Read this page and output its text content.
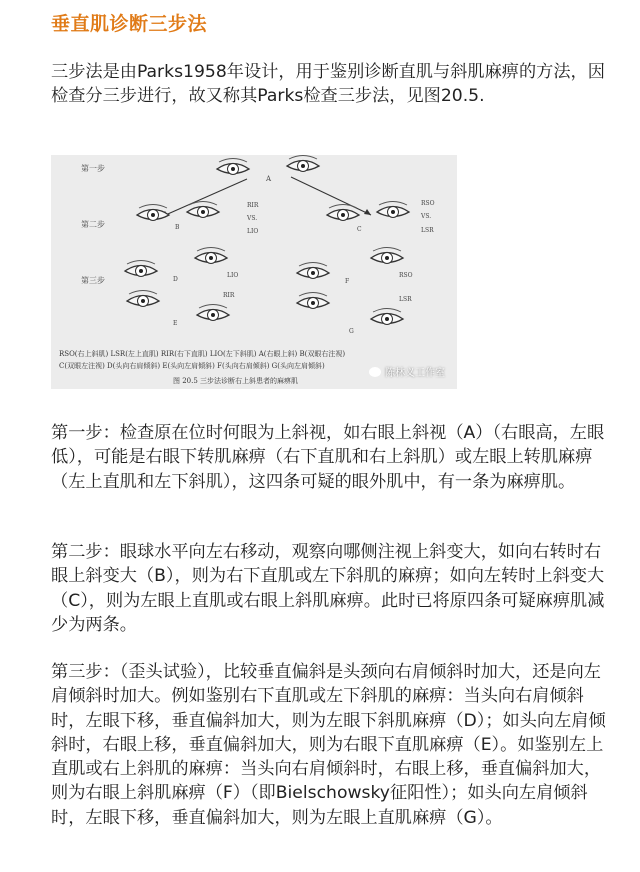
垂直肌诊断三步法

三步法是由Parks1958年设计，用于鉴别诊断直肌与斜肌麻痹的方法，因检查分三步进行，故又称其Parks检查三步法，见图20.5.

第一步
第二步
第三步
A
B
RIR
VS.
LIO	C
RSO
VS.
LSR
D
LIO
RIR
E
F
RSO
LSR
G
RSO(右上斜肌) LSR(左上直肌) RIR(右下直肌) LIO(左下斜肌) A(右眼上斜) B(双眼右注视)
C(双眼左注视) D(头向右肩倾斜) E(头向左肩倾斜) F(头向右肩倾斜) G(头向左肩倾斜)
图 20.5 三步法诊断右上斜患者的麻痹肌
陈林义工作室

第一步：检查原在位时何眼为上斜视，如右眼上斜视（A）（右眼高，左眼低），可能是右眼下转肌麻痹（右下直肌和右上斜肌）或左眼上转肌麻痹（左上直肌和左下斜肌），这四条可疑的眼外肌中，有一条为麻痹肌。

第二步：眼球水平向左右移动，观察向哪侧注视上斜变大，如向右转时右眼上斜变大（B），则为右下直肌或左下斜肌的麻痹；如向左转时上斜变大（C），则为左眼上直肌或右眼上斜肌麻痹。此时已将原四条可疑麻痹肌减少为两条。

第三步：（歪头试验），比较垂直偏斜是头颈向右肩倾斜时加大，还是向左肩倾斜时加大。例如鉴别右下直肌或左下斜肌的麻痹：当头向右肩倾斜时，左眼下移，垂直偏斜加大，则为左眼下斜肌麻痹（D）；如头向左肩倾斜时，右眼上移，垂直偏斜加大，则为右眼下直肌麻痹（E）。如鉴别左上直肌或右上斜肌的麻痹：当头向右肩倾斜时，右眼上移，垂直偏斜加大，则为右眼上斜肌麻痹（F）（即Bielschowsky征阳性）；如头向左肩倾斜时，左眼下移，垂直偏斜加大，则为左眼上直肌麻痹（G）。
